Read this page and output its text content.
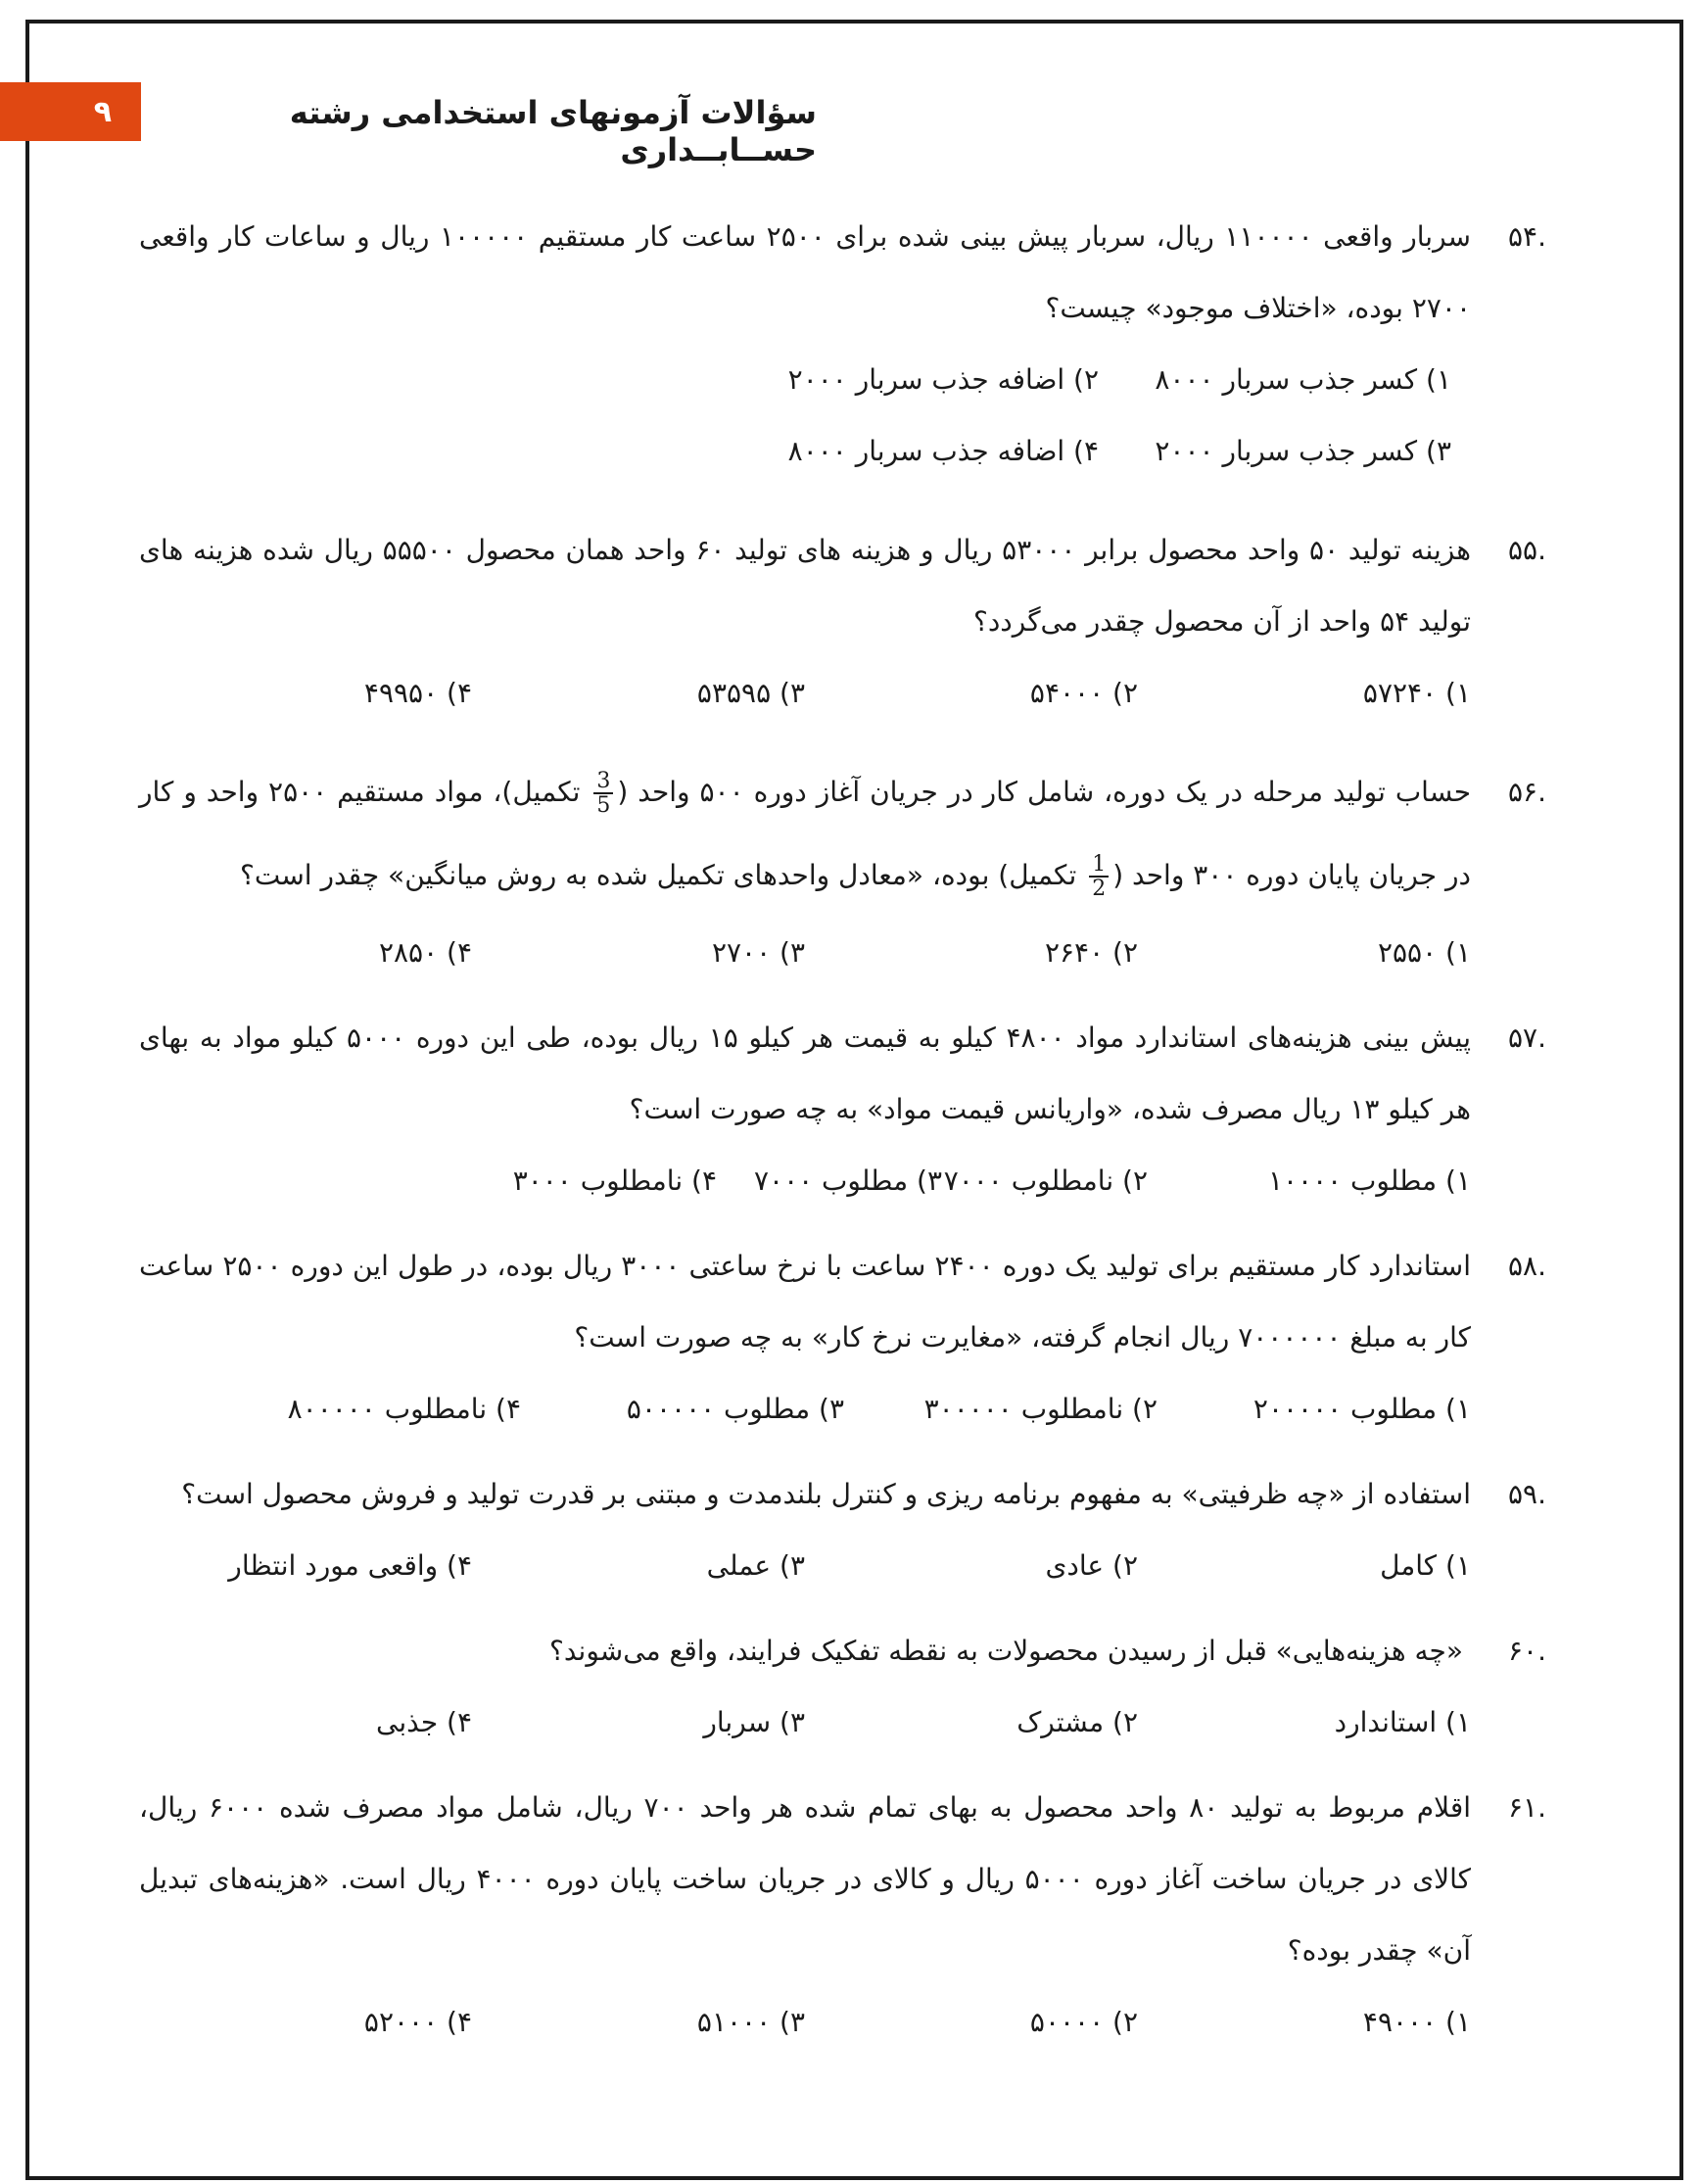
۹	سؤالات آزمونهای استخدامی رشته حســابــداری
.۵۴
سربار واقعی ۱۱۰۰۰۰ ریال، سربار پیش بینی شده برای ۲۵۰۰ ساعت کار مستقیم ۱۰۰۰۰۰ ریال و ساعات کار واقعی ۲۷۰۰ بوده، «اختلاف موجود» چیست؟
۱) کسر جذب سربار ۸۰۰۰
۲) اضافه جذب سربار ۲۰۰۰
۳) کسر جذب سربار ۲۰۰۰
۴) اضافه جذب سربار ۸۰۰۰
.۵۵
هزینه تولید ۵۰ واحد محصول برابر ۵۳۰۰۰ ریال و هزینه های تولید ۶۰ واحد همان محصول ۵۵۵۰۰ ریال شده هزینه های تولید ۵۴ واحد از آن محصول چقدر می‌گردد؟
۱) ۵۷۲۴۰
۲) ۵۴۰۰۰
۳) ۵۳۵۹۵
۴) ۴۹۹۵۰
.۵۶
حساب تولید مرحله در یک دوره، شامل کار در جریان آغاز دوره ۵۰۰ واحد (
$\frac{3}{5}$
تکمیل)، مواد مستقیم ۲۵۰۰ واحد و کار در جریان پایان دوره ۳۰۰ واحد (
$\frac{1}{2}$
تکمیل) بوده، «معادل واحدهای تکمیل شده به روش میانگین» چقدر است؟
۱) ۲۵۵۰
۲) ۲۶۴۰
۳) ۲۷۰۰
۴) ۲۸۵۰
.۵۷
پیش بینی هزینه‌های استاندارد مواد ۴۸۰۰ کیلو به قیمت هر کیلو ۱۵ ریال بوده، طی این دوره ۵۰۰۰ کیلو مواد به بهای هر کیلو ۱۳ ریال مصرف شده، «واریانس قیمت مواد» به چه صورت است؟
۱) مطلوب ۱۰۰۰۰
۲) نامطلوب ۷۰۰۰
۳) مطلوب ۷۰۰۰
۴) نامطلوب ۳۰۰۰
.۵۸
استاندارد کار مستقیم برای تولید یک دوره ۲۴۰۰ ساعت با نرخ ساعتی ۳۰۰۰ ریال بوده، در طول این دوره ۲۵۰۰ ساعت کار به مبلغ ۷۰۰۰۰۰۰ ریال انجام گرفته، «مغایرت نرخ کار» به چه صورت است؟
۱) مطلوب ۲۰۰۰۰۰
۲) نامطلوب ۳۰۰۰۰۰
۳) مطلوب ۵۰۰۰۰۰
۴) نامطلوب ۸۰۰۰۰۰
.۵۹
استفاده از «چه ظرفیتی» به مفهوم برنامه ریزی و کنترل بلندمدت و مبتنی بر قدرت تولید و فروش محصول است؟
۱) کامل
۲) عادی
۳) عملی
۴) واقعی مورد انتظار
.۶۰
«چه هزینه‌هایی» قبل از رسیدن محصولات به نقطه تفکیک فرایند، واقع می‌شوند؟
۱) استاندارد
۲) مشترک
۳) سربار
۴) جذبی
.۶۱
اقلام مربوط به تولید ۸۰ واحد محصول به بهای تمام شده هر واحد ۷۰۰ ریال، شامل مواد مصرف شده ۶۰۰۰ ریال، کالای در جریان ساخت آغاز دوره ۵۰۰۰ ریال و کالای در جریان ساخت پایان دوره ۴۰۰۰ ریال است. «هزینه‌های تبدیل آن» چقدر بوده؟
۱) ۴۹۰۰۰
۲) ۵۰۰۰۰
۳) ۵۱۰۰۰
۴) ۵۲۰۰۰
